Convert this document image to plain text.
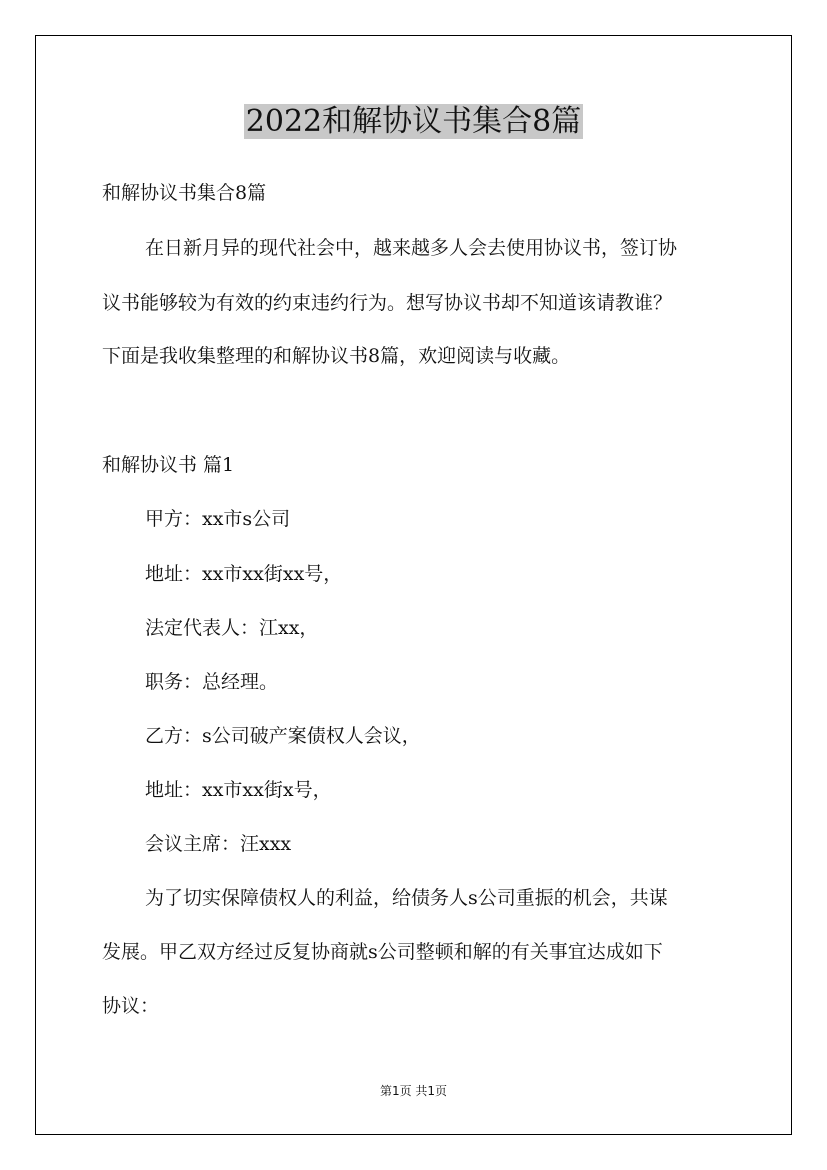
2022和解协议书集合8篇
和解协议书集合8篇
在日新月异的现代社会中，越来越多人会去使用协议书，签订协
议书能够较为有效的约束违约行为。想写协议书却不知道该请教谁？
下面是我收集整理的和解协议书8篇，欢迎阅读与收藏。
和解协议书 篇1
甲方：xx市s公司
地址：xx市xx街xx号，
法定代表人：江xx，
职务：总经理。
乙方：s公司破产案债权人会议，
地址：xx市xx街x号，
会议主席：汪xxx
为了切实保障债权人的利益，给债务人s公司重振的机会，共谋
发展。甲乙双方经过反复协商就s公司整顿和解的有关事宜达成如下
协议：
第1页 共1页
